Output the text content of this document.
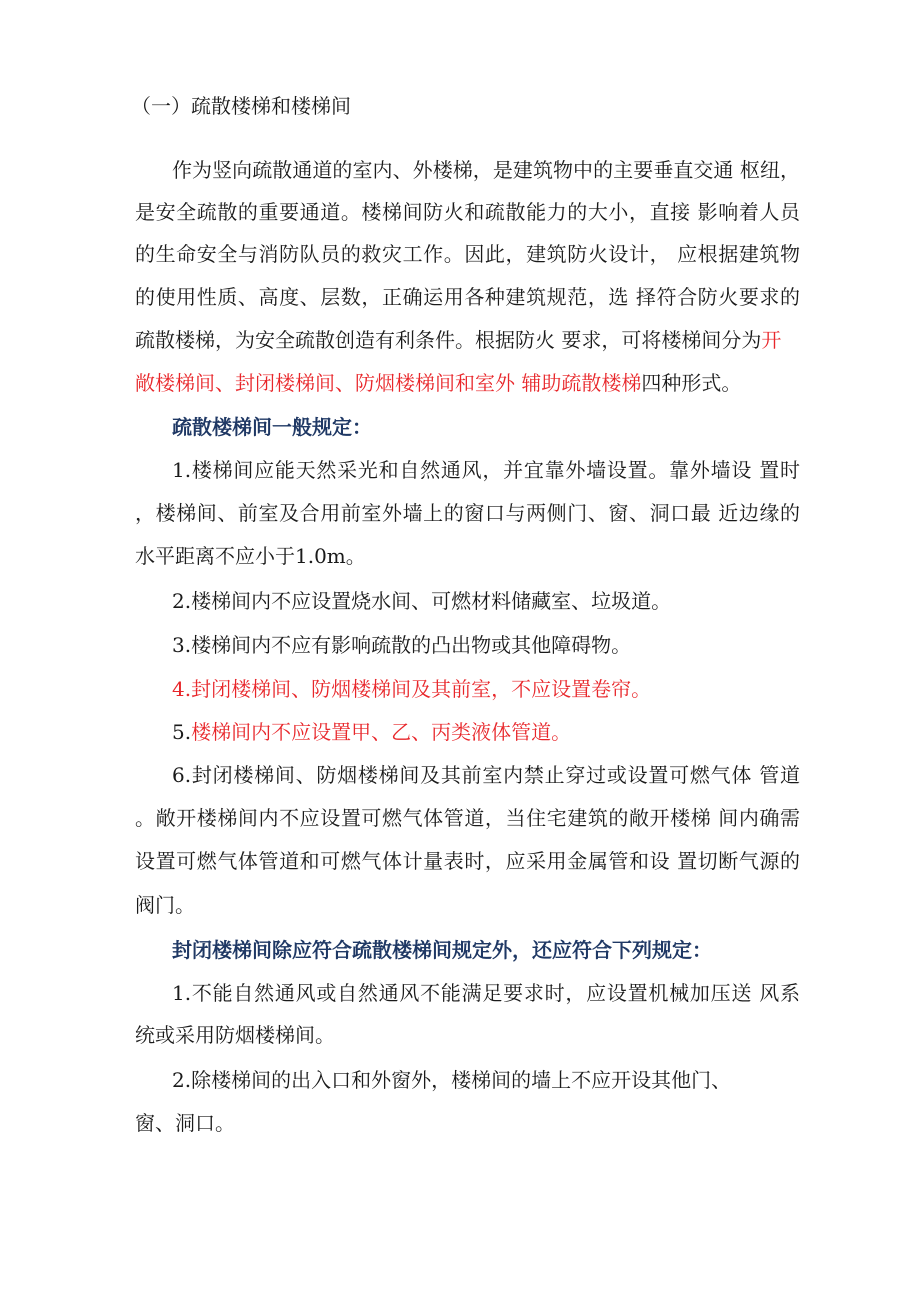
（一）疏散楼梯和楼梯间
作为竖向疏散通道的室内、外楼梯，是建筑物中的主要垂直交通 枢纽，
是安全疏散的重要通道。楼梯间防火和疏散能力的大小，直接 影响着人员
的生命安全与消防队员的救灾工作。因此，建筑防火设计， 应根据建筑物
的使用性质、高度、层数，正确运用各种建筑规范，选 择符合防火要求的
疏散楼梯，为安全疏散创造有利条件。根据防火 要求，可将楼梯间分为开
敞楼梯间、封闭楼梯间、防烟楼梯间和室外 辅助疏散楼梯四种形式。
疏散楼梯间一般规定：
1.楼梯间应能天然采光和自然通风，并宜靠外墙设置。靠外墙设 置时
，楼梯间、前室及合用前室外墙上的窗口与两侧门、窗、洞口最 近边缘的
水平距离不应小于1.0m。
2.楼梯间内不应设置烧水间、可燃材料储藏室、垃圾道。
3.楼梯间内不应有影响疏散的凸出物或其他障碍物。
4.封闭楼梯间、防烟楼梯间及其前室，不应设置卷帘。
5.楼梯间内不应设置甲、乙、丙类液体管道。
6.封闭楼梯间、防烟楼梯间及其前室内禁止穿过或设置可燃气体 管道
。敞开楼梯间内不应设置可燃气体管道，当住宅建筑的敞开楼梯 间内确需
设置可燃气体管道和可燃气体计量表时，应采用金属管和设 置切断气源的
阀门。
封闭楼梯间除应符合疏散楼梯间规定外，还应符合下列规定：
1.不能自然通风或自然通风不能满足要求时，应设置机械加压送 风系
统或采用防烟楼梯间。
2.除楼梯间的出入口和外窗外，楼梯间的墙上不应开设其他门、
窗、洞口。
